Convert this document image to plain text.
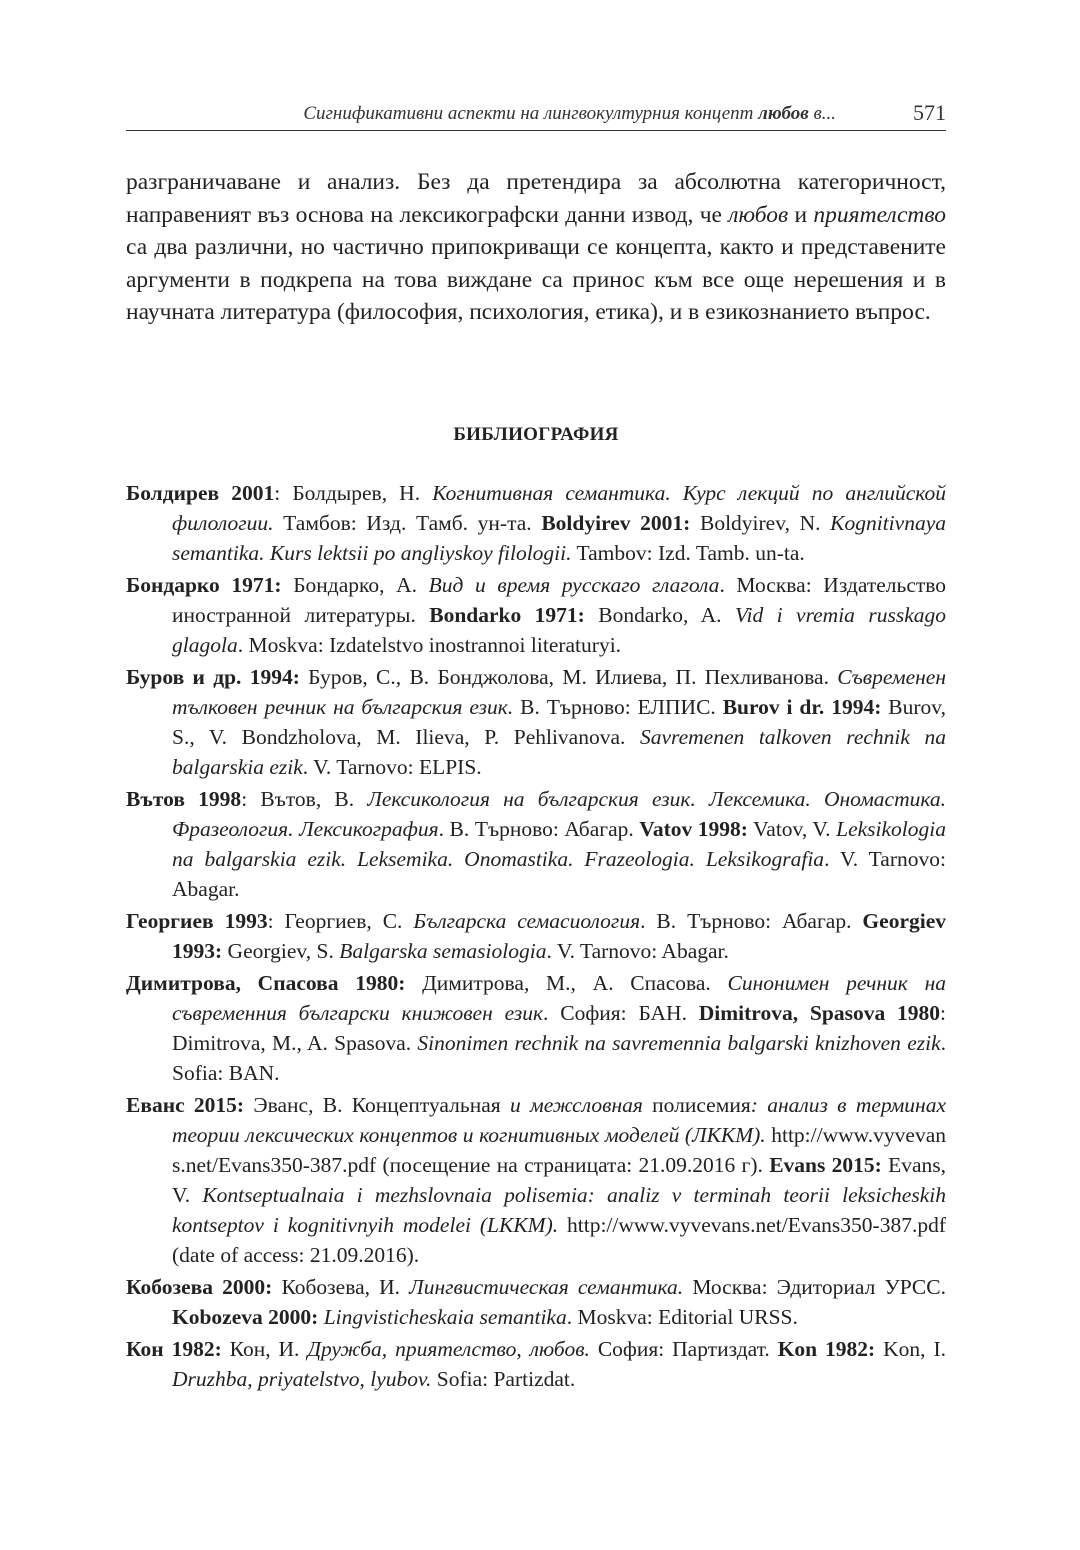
Сигнификативни аспекти на лингвокултурния концепт любов в...	571

разграничаване и анализ. Без да претендира за абсолютна категоричност, направеният въз основа на лексикографски данни извод, че любов и приятелство са два различни, но частично припокриващи се концепта, както и представените аргументи в подкрепа на това виждане са принос към все още нерешения и в научната литература (философия, психология, етика), и в езикознанието въпрос.

БИБЛИОГРАФИЯ
Болдирев 2001: Болдырев, Н. Когнитивная семантика. Курс лекций по английской филологии. Тамбов: Изд. Тамб. ун-та. Boldyirev 2001: Boldyirev, N. Kognitivnaya semantika. Kurs lektsii po angliyskoy filologii. Tambov: Izd. Tamb. un-ta.
Бондарко 1971: Бондарко, А. Вид и время русскаго глагола. Москва: Издательство иностранной литературы. Bondarko 1971: Bondarko, A. Vid i vremia russkago glagola. Moskva: Izdatelstvo inostrannoi literaturyi.
Буров и др. 1994: Буров, С., В. Бонджолова, М. Илиева, П. Пехливанова. Съвременен тълковен речник на българския език. В. Търново: ЕЛПИС. Burov i dr. 1994: Burov, S., V. Bondzholova, M. Ilieva, P. Pehlivanova. Savremenen talkoven rechnik na balgarskia ezik. V. Tarnovo: ELPIS.
Вътов 1998: Вътов, В. Лексикология на българския език. Лексемика. Ономастика. Фразеология. Лексикография. В. Търново: Абагар. Vatov 1998: Vatov, V. Leksikologia na balgarskia ezik. Leksemika. Onomastika. Frazeologia. Leksikografia. V. Tarnovo: Abagar.
Георгиев 1993: Георгиев, С. Българска семасиология. В. Търново: Абагар. Georgiev 1993: Georgiev, S. Balgarska semasiologia. V. Tarnovo: Abagar.
Димитрова, Спасова 1980: Димитрова, М., А. Спасова. Синонимен речник на съвременния български книжовен език. София: БАН. Dimitrova, Spasova 1980: Dimitrova, M., A. Spasova. Sinonimen rechnik na savremennia balgarski knizhoven ezik. Sofia: BAN.
Еванс 2015: Эванс, В. Концептуальная и межсловная полисемия: анализ в терминах теории лексических концептов и когнитивных моделей (ЛККМ). http://www.vyvevans.net/Evans350-387.pdf (посещение на страницата: 21.09.2016 г). Evans 2015: Evans, V. Kontseptualnaia i mezhslovnaia polisemia: analiz v terminah teorii leksicheskih kontseptov i kognitivnyih modelei (LKKM). http://www.vyvevans.net/Evans350-387.pdf (date of access: 21.09.2016).
Кобозева 2000: Кобозева, И. Лингвистическая семантика. Москва: Эдиториал УРСС. Kobozeva 2000: Lingvisticheskaia semantika. Moskva: Editorial URSS.
Кон 1982: Кон, И. Дружба, приятелство, любов. София: Партиздат. Kon 1982: Kon, I. Druzhba, priyatelstvo, lyubov. Sofia: Partizdat.
